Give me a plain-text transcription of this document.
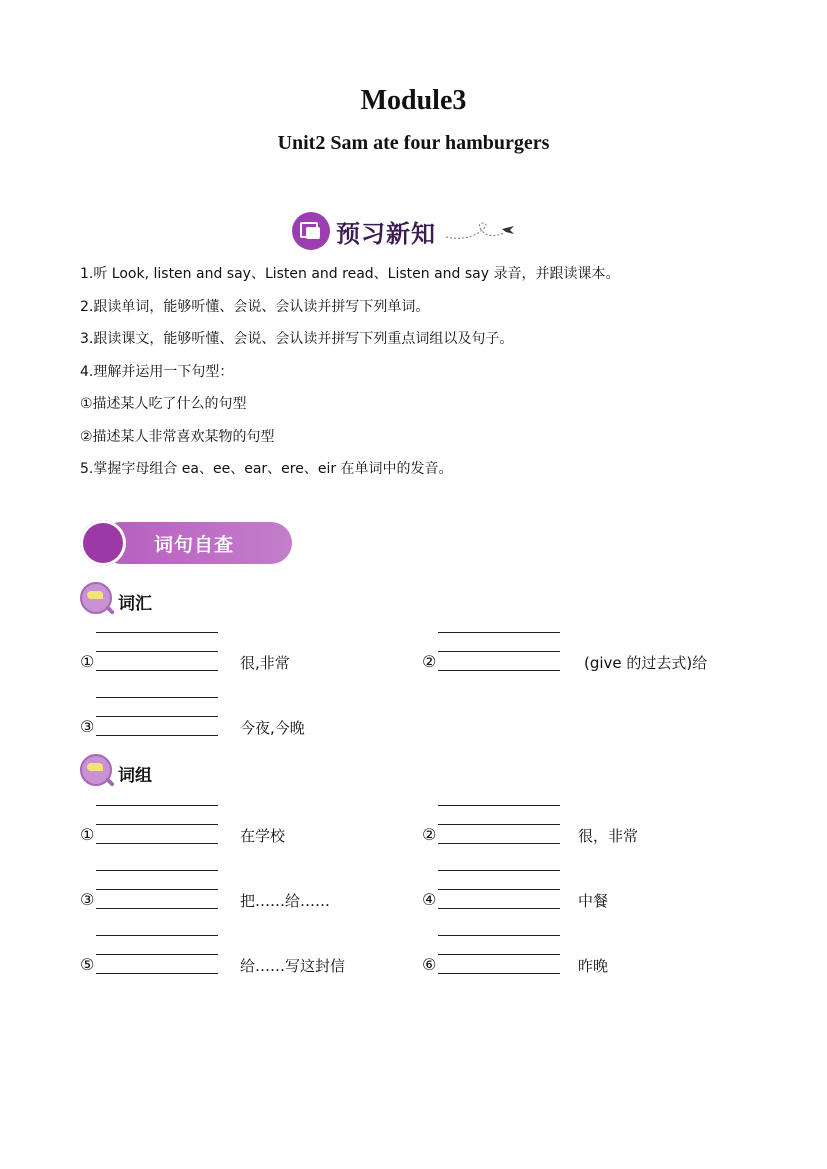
Module3
Unit2 Sam ate four hamburgers
预习新知
1.听 Look, listen and say、Listen and read、Listen and say 录音，并跟读课本。
2.跟读单词，能够听懂、会说、会认读并拼写下列单词。
3.跟读课文，能够听懂、会说、会认读并拼写下列重点词组以及句子。
4.理解并运用一下句型：
①描述某人吃了什么的句型
②描述某人非常喜欢某物的句型
5.掌握字母组合 ea、ee、ear、ere、eir 在单词中的发音。
词句自查
词汇
①	很,非常	②	(give 的过去式)给
③	今夜,今晚
词组
①	在学校	②	很，非常
③	把……给……	④	中餐
⑤	给……写这封信	⑥	昨晚
